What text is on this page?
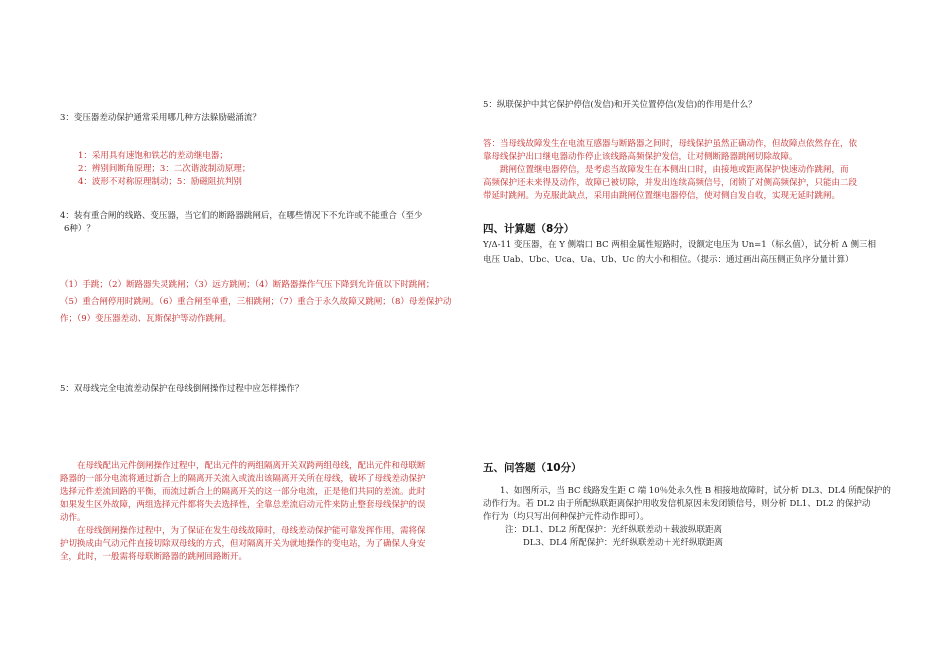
3：变压器差动保护通常采用哪几种方法躲励磁涌流？

1：采用具有速饱和铁芯的差动继电器；

2：辨别间断角原理；3：二次谐波制动原理；

4：波形不对称原理制动；5：励磁阻抗判别

4：装有重合闸的线路、变压器，当它们的断路器跳闸后，在哪些情况下不允许或不能重合（至少

6种）？

（1）手跳；（2）断路器失灵跳闸；（3）远方跳闸；（4）断路器操作气压下降到允许值以下时跳闸；

（5）重合闸停用时跳闸。（6）重合闸至单重，三相跳闸；（7）重合于永久故障又跳闸；（8）母差保护动

作；（9）变压器差动、瓦斯保护等动作跳闸。

5：双母线完全电流差动保护在母线倒闸操作过程中应怎样操作？

在母线配出元件倒闸操作过程中，配出元件的两组隔离开关双跨两组母线，配出元件和母联断

路器的一部分电流将通过新合上的隔离开关流入或流出该隔离开关所在母线，破坏了母线差动保护

选择元件差流回路的平衡，而流过新合上的隔离开关的这一部分电流，正是他们共同的差流。此时

如果发生区外故障，两组选择元件都将失去选择性，全靠总差流启动元件来防止整套母线保护的误

动作。

在母线倒闸操作过程中，为了保证在发生母线故障时，母线差动保护能可靠发挥作用，需将保

护切换成由气动元件直接切除双母线的方式，但对隔离开关为就地操作的变电站，为了确保人身安

全，此时，一般需将母联断路器的跳闸回路断开。

5：纵联保护中其它保护停信(发信)和开关位置停信(发信)的作用是什么？

答：当母线故障发生在电流互感器与断路器之间时，母线保护虽然正确动作，但故障点依然存在，依

靠母线保护出口继电器动作停止该线路高频保护发信，让对侧断路器跳闸切除故障。

跳闸位置继电器停信，是考虑当故障发生在本侧出口时，由接地或距离保护快速动作跳闸，而

高频保护还未来得及动作，故障已被切除，并发出连续高频信号，闭锁了对侧高频保护，只能由二段

带延时跳闸。为克服此缺点，采用由跳闸位置继电器停信，使对侧自发自收，实现无延时跳闸。

四、计算题（8分）

Y/Δ-11 变压器，在 Y 侧端口 BC 两相金属性短路时，设额定电压为 Un=1（标幺值），试分析 Δ 侧三相

电压 Uab、Ubc、Uca、Ua、Ub、Uc 的大小和相位。（提示：通过画出高压侧正负序分量计算）

五、问答题（10分）

1、如图所示，当 BC 线路发生距 C 端 10％处永久性 B 相接地故障时，试分析 DL3、DL4 所配保护的

动作行为。若 DL2 由于所配纵联距离保护用收发信机原因未发闭锁信号，则分析 DL1、DL2 的保护动

作行为（均只写出何种保护元件动作即可）。

注：DL1、DL2 所配保护：光纤纵联差动＋载波纵联距离

DL3、DL4 所配保护：光纤纵联差动＋光纤纵联距离
